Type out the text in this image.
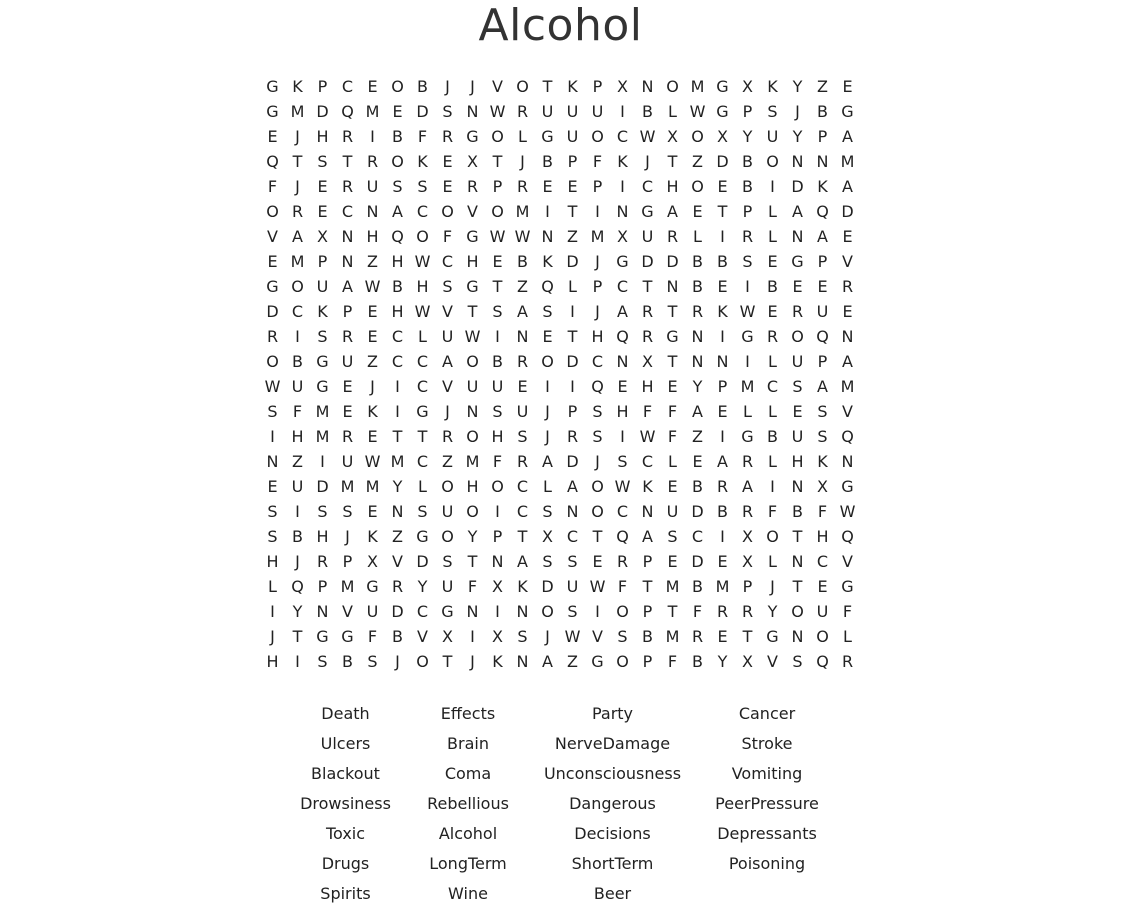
Alcohol
G K P C E O B	J	J	V O T K P X N O M G X K Y Z E
G M D Q M E D S N W R U U U	I	B L W G P S	J	B G
E	J	H R	I	B F R G O L G U O C W X O X Y U Y P A
Q T S T R O K E X T	J	B P F K	J	T Z D B O N N M
F	J	E R U S S E R P R E E P	I	C H O E B	I	D K A
O R E C N A C O V O M I	T	I	N G A E T P L A Q D
V A X N H Q O F G W W N Z M X U R L	I	R L N A E
E M P N Z H W C H E B K D	J	G D D B B S E G P V
G O U A W B H S G T Z Q L P C T N B E	I	B E E R
D C K P E H W V T S A S	I	J	A R T R K W E R U E
R	I	S R E C L U W I	N E T H Q R G N	I	G R O Q N
O B G U Z C C A O B R O D C N X T N N	I	L U P A
W U G E	J	I	C V U U E	I	I	Q E H E Y P M C S A M
S F M E K	I	G	J	N S U	J	P S H F F A E L	L E S V
I	H M R E T T R O H S	J	R S	I W F Z	I	G B U S Q
N Z	I	U W M C Z M F R A D	J	S C L E A R L H K N
E U D M M Y L O H O C L A O W K E B R A	I	N X G
S	I	S S E N S U O	I	C S N O C N U D B R F B F W
S B H	J	K Z G O Y P T X C T Q A S C	I	X O T H Q
H	J	R P X V D S T N A S S E R P E D E X L N C V
L Q P M G R Y U F X K D U W F T M B M P	J	T E G
I	Y N V U D C G N	I	N O S	I	O P T F R R Y O U F
J	T G G F B V X	I	X S	J W V S B M R E T G N O L
H	I	S B S	J	O T	J	K N A Z G O P F B Y X V S Q R
Death	Effects	Party	Cancer
Ulcers	Brain	NerveDamage	Stroke
Blackout	Coma	Unconsciousness	Vomiting
Drowsiness	Rebellious	Dangerous	PeerPressure
Toxic	Alcohol	Decisions	Depressants
Drugs	LongTerm	ShortTerm	Poisoning
Spirits	Wine	Beer
